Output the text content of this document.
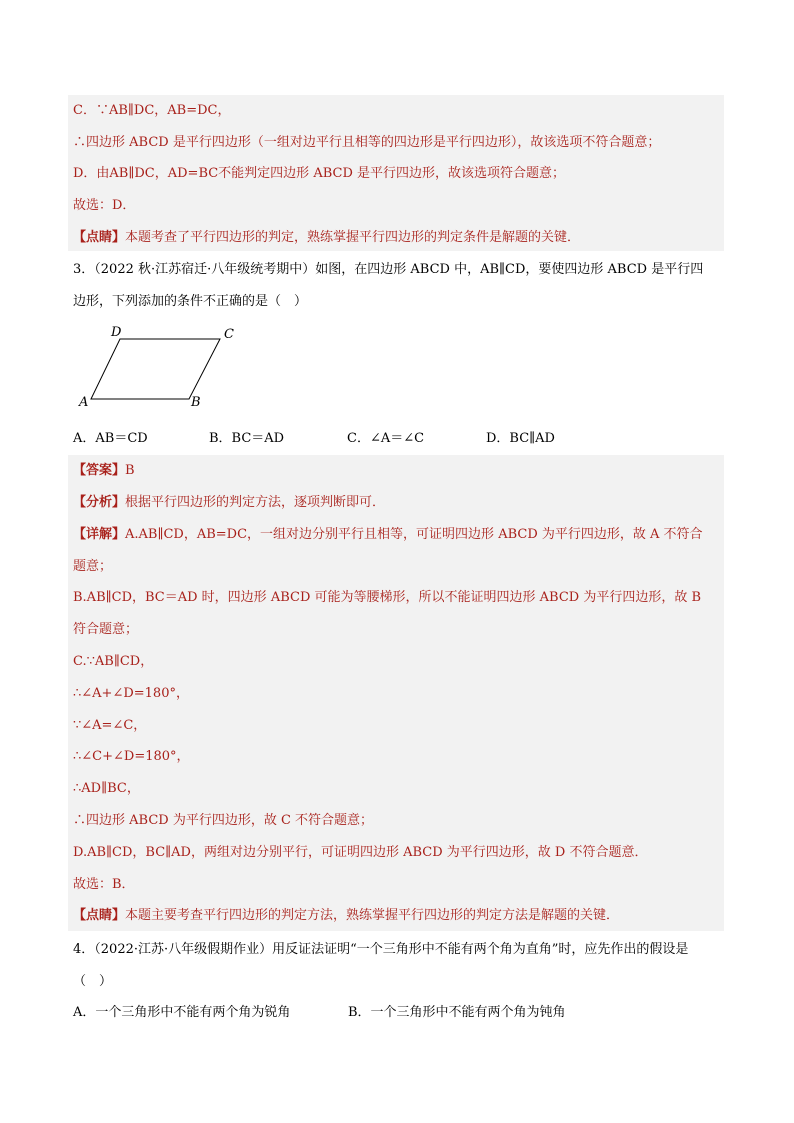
C．∵AB∥DC，AB=DC，
∴四边形 ABCD 是平行四边形（一组对边平行且相等的四边形是平行四边形），故该选项不符合题意；
D．由AB∥DC，AD=BC不能判定四边形 ABCD 是平行四边形，故该选项符合题意；
故选：D．
【点睛】本题考查了平行四边形的判定，熟练掌握平行四边形的判定条件是解题的关键．
3．（2022 秋·江苏宿迁·八年级统考期中）如图，在四边形 ABCD 中，AB∥CD，要使四边形 ABCD 是平行四
边形，下列添加的条件不正确的是（　）
D	C
A	B
A．AB＝CD	B．BC＝AD	C．∠A＝∠C	D．BC∥AD
【答案】B
【分析】根据平行四边形的判定方法，逐项判断即可．
【详解】A.AB∥CD，AB=DC，一组对边分别平行且相等，可证明四边形 ABCD 为平行四边形，故 A 不符合
题意；
B.AB∥CD，BC＝AD 时，四边形 ABCD 可能为等腰梯形，所以不能证明四边形 ABCD 为平行四边形，故 B
符合题意；
C.∵AB∥CD，
∴∠A+∠D=180°，
∵∠A=∠C，
∴∠C+∠D=180°，
∴AD∥BC，
∴四边形 ABCD 为平行四边形，故 C 不符合题意；
D.AB∥CD，BC∥AD，两组对边分别平行，可证明四边形 ABCD 为平行四边形，故 D 不符合题意．
故选：B．
【点睛】本题主要考查平行四边形的判定方法，熟练掌握平行四边形的判定方法是解题的关键．
4．（2022·江苏·八年级假期作业）用反证法证明“一个三角形中不能有两个角为直角”时，应先作出的假设是
（　）
A．一个三角形中不能有两个角为锐角	B．一个三角形中不能有两个角为钝角
